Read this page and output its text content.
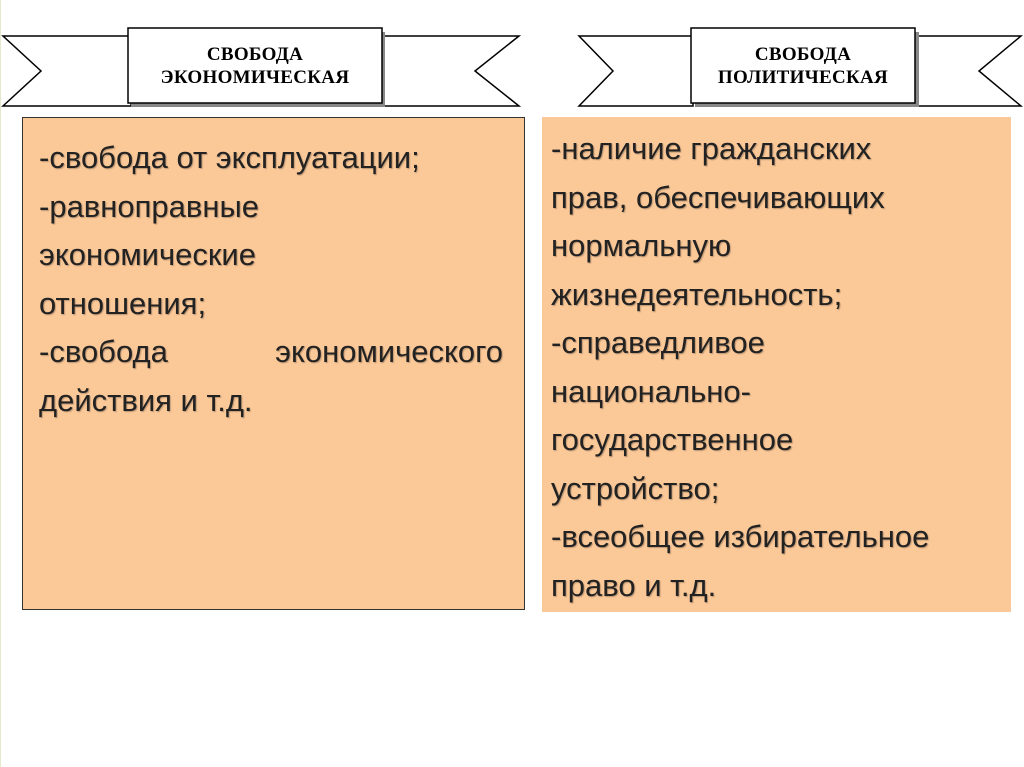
СВОБОДА
ЭКОНОМИЧЕСКАЯ
СВОБОДА
ПОЛИТИЧЕСКАЯ
-свобода от эксплуатации;
-равноправные
экономические
отношения;
-свобода	экономического
действия и т.д.
-наличие гражданских
прав, обеспечивающих
нормальную
жизнедеятельность;
-справедливое
национально-
государственное
устройство;
-всеобщее избирательное
право и т.д.
